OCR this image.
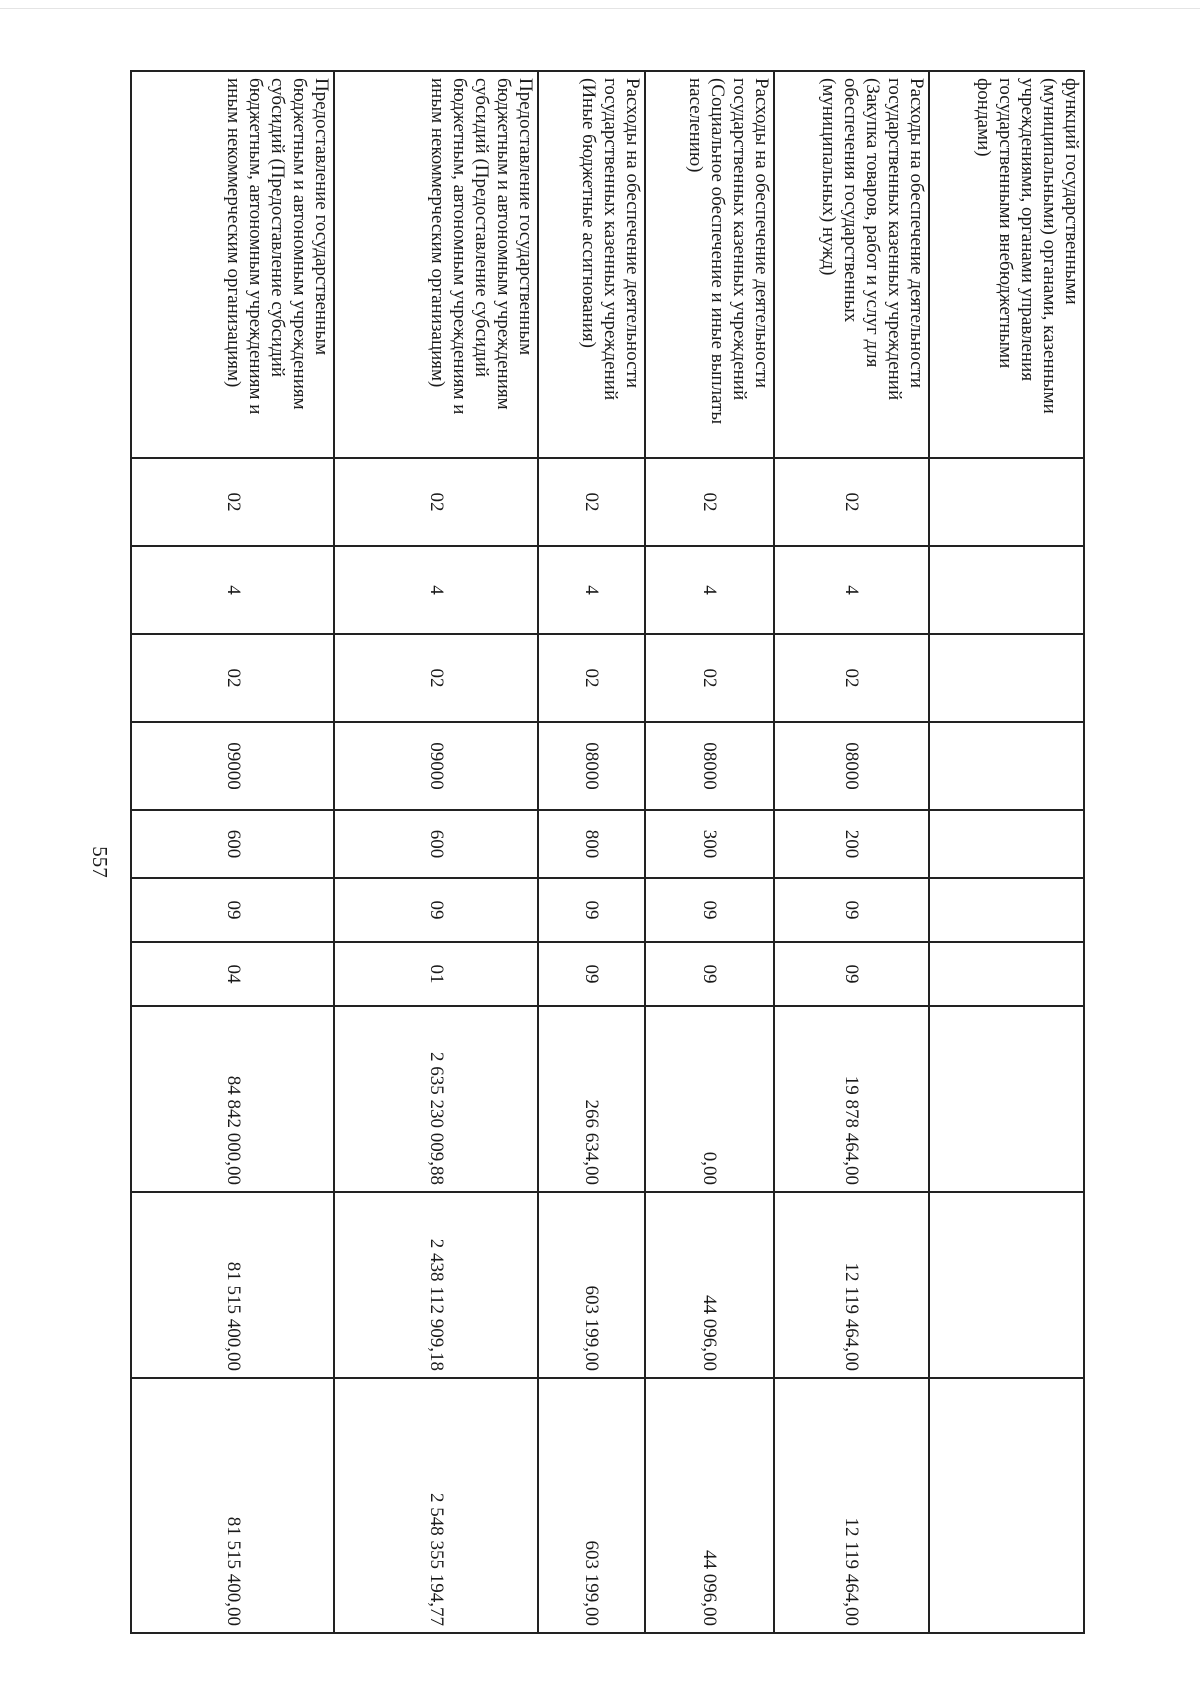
557
функций государственными (муниципальными) органами, казенными учреждениями, органами управления государственными внебюджетными фондами)										
Расходы на обеспечение деятельности государственных казенных учреждений (Закупка товаров, работ и услуг для обеспечения государственных (муниципальных) нужд)	02	4	02	08000	200	09	09	19 878 464,00	12 119 464,00	12 119 464,00
Расходы на обеспечение деятельности государственных казенных учреждений (Социальное обеспечение и иные выплаты населению)	02	4	02	08000	300	09	09	0,00	44 096,00	44 096,00
Расходы на обеспечение деятельности государственных казенных учреждений (Иные бюджетные ассигнования)	02	4	02	08000	800	09	09	266 634,00	603 199,00	603 199,00
Предоставление государственным бюджетным и автономным учреждениям субсидий (Предоставление субсидий бюджетным, автономным учреждениям и иным некоммерческим организациям)	02	4	02	09000	600	09	01	2 635 230 009,88	2 438 112 909,18	2 548 355 194,77
Предоставление государственным бюджетным и автономным учреждениям субсидий (Предоставление субсидий бюджетным, автономным учреждениям и иным некоммерческим организациям)	02	4	02	09000	600	09	04	84 842 000,00	81 515 400,00	81 515 400,00
